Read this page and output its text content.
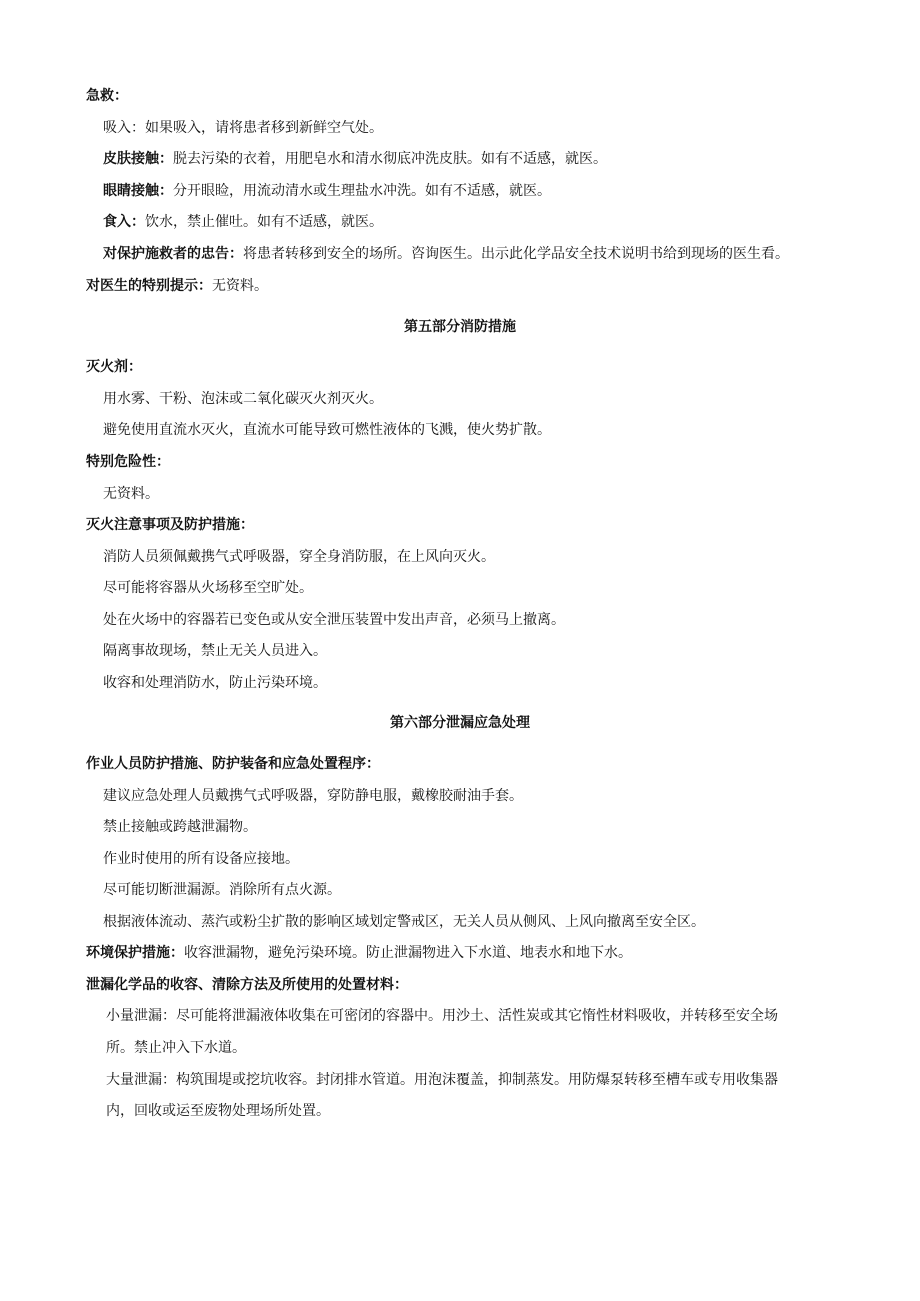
急救：
吸入：如果吸入，请将患者移到新鲜空气处。
皮肤接触：脱去污染的衣着，用肥皂水和清水彻底冲洗皮肤。如有不适感，就医。
眼睛接触：分开眼睑，用流动清水或生理盐水冲洗。如有不适感，就医。
食入：饮水，禁止催吐。如有不适感，就医。
对保护施救者的忠告：将患者转移到安全的场所。咨询医生。出示此化学品安全技术说明书给到现场的医生看。
对医生的特别提示：无资料。
第五部分消防措施
灭火剂：
用水雾、干粉、泡沫或二氧化碳灭火剂灭火。
避免使用直流水灭火，直流水可能导致可燃性液体的飞溅，使火势扩散。
特别危险性：
无资料。
灭火注意事项及防护措施：
消防人员须佩戴携气式呼吸器，穿全身消防服，在上风向灭火。
尽可能将容器从火场移至空旷处。
处在火场中的容器若已变色或从安全泄压装置中发出声音，必须马上撤离。
隔离事故现场，禁止无关人员进入。
收容和处理消防水，防止污染环境。
第六部分泄漏应急处理
作业人员防护措施、防护装备和应急处置程序：
建议应急处理人员戴携气式呼吸器，穿防静电服，戴橡胶耐油手套。
禁止接触或跨越泄漏物。
作业时使用的所有设备应接地。
尽可能切断泄漏源。消除所有点火源。
根据液体流动、蒸汽或粉尘扩散的影响区域划定警戒区，无关人员从侧风、上风向撤离至安全区。
环境保护措施：收容泄漏物，避免污染环境。防止泄漏物进入下水道、地表水和地下水。
泄漏化学品的收容、清除方法及所使用的处置材料：
小量泄漏：尽可能将泄漏液体收集在可密闭的容器中。用沙土、活性炭或其它惰性材料吸收，并转移至安全场
所。禁止冲入下水道。
大量泄漏：构筑围堤或挖坑收容。封闭排水管道。用泡沫覆盖，抑制蒸发。用防爆泵转移至槽车或专用收集器
内，回收或运至废物处理场所处置。
